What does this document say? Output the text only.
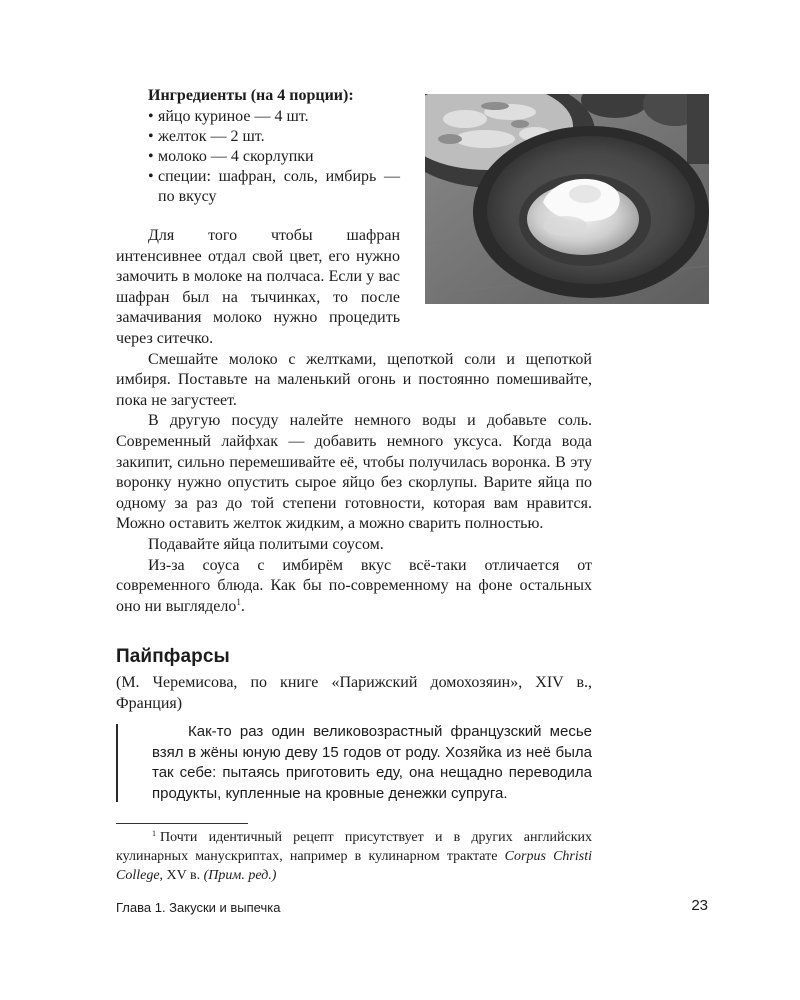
Ингредиенты (на 4 порции):

• яйцо куриное — 4 шт.
• желток — 2 шт.
• молоко — 4 скорлупки
• специи: шафран, соль, имбирь — по вкусу

Для того чтобы шафран интенсивнее отдал свой цвет, его нужно замочить в молоке на полчаса. Если у вас шафран был на тычинках, то после замачивания молоко нужно процедить через ситечко.

Смешайте молоко с желтками, щепоткой соли и щепоткой имбиря. Поставьте на маленький огонь и постоянно помешивайте, пока не загустеет.

В другую посуду налейте немного воды и добавьте соль. Современный лайфхак — добавить немного уксуса. Когда вода закипит, сильно перемешивайте её, чтобы получилась воронка. В эту воронку нужно опустить сырое яйцо без скорлупы. Варите яйца по одному за раз до той степени готовности, которая вам нравится. Можно оставить желток жидким, а можно сварить полностью.

Подавайте яйца политыми соусом.

Из-за соуса с имбирём вкус всё-таки отличается от современного блюда. Как бы по-современному на фоне остальных оно ни выглядело$^1$.

Пайпфарсы

(М. Черемисова, по книге «Парижский домохозяин», XIV в., Франция)

Как-то раз один великовозрастный французский месье взял в жёны юную деву 15 годов от роду. Хозяйка из неё была так себе: пытаясь приготовить еду, она нещадно переводила продукты, купленные на кровные денежки супруга.

$^1$ Почти идентичный рецепт присутствует и в других английских кулинарных манускриптах, например в кулинарном трактате Corpus Christi College, XV в. (Прим. ред.)

Глава 1. Закуски и выпечка	23
